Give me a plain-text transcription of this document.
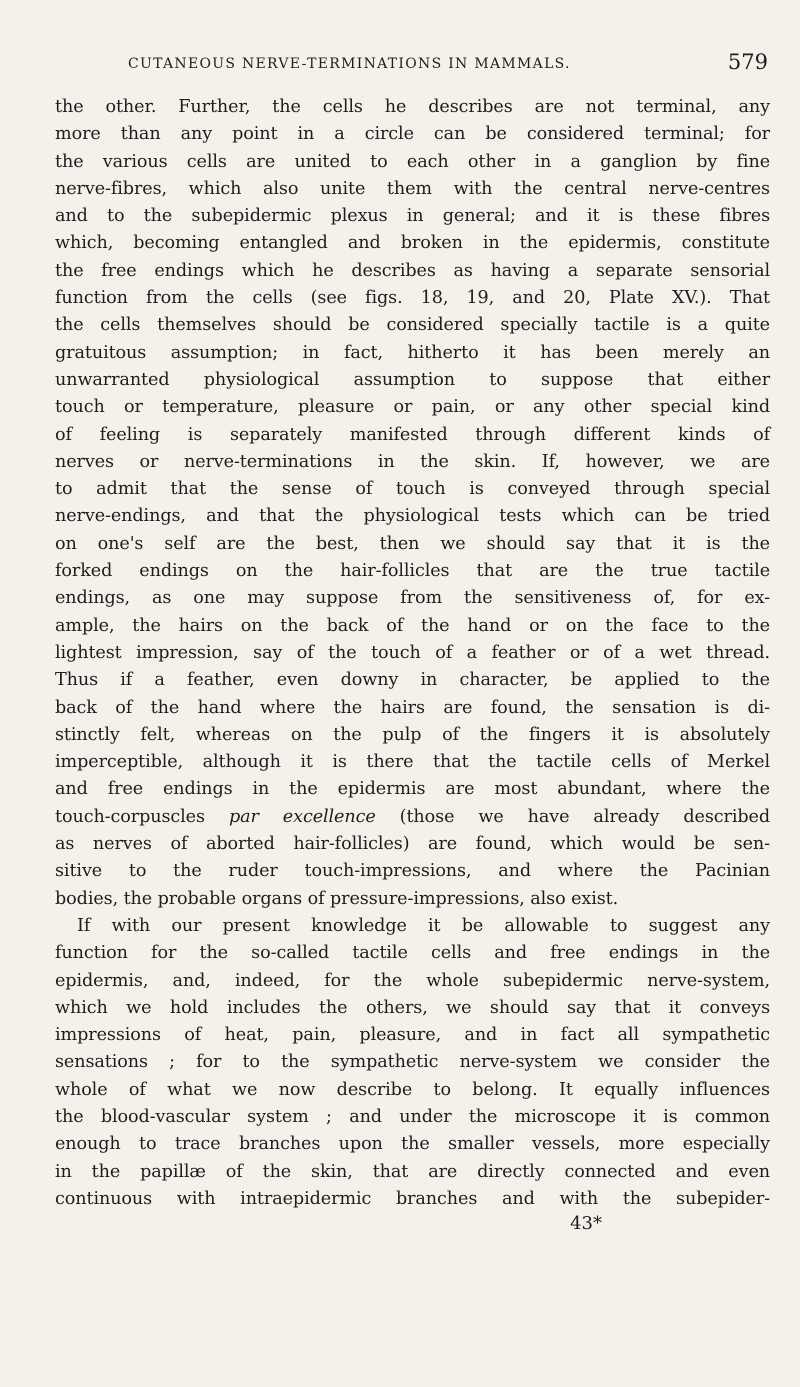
CUTANEOUS NERVE-TERMINATIONS IN MAMMALS.	579
the other. Further, the cells he describes are not terminal, any
more than any point in a circle can be considered terminal; for
the various cells are united to each other in a ganglion by fine
nerve-fibres, which also unite them with the central nerve-centres
and to the subepidermic plexus in general; and it is these fibres
which, becoming entangled and broken in the epidermis, constitute
the free endings which he describes as having a separate sensorial
function from the cells (see figs. 18, 19, and 20, Plate XV.). That
the cells themselves should be considered specially tactile is a quite
gratuitous assumption; in fact, hitherto it has been merely an
unwarranted physiological assumption to suppose that either
touch or temperature, pleasure or pain, or any other special kind
of feeling is separately manifested through different kinds of
nerves or nerve-terminations in the skin. If, however, we are
to admit that the sense of touch is conveyed through special
nerve-endings, and that the physiological tests which can be tried
on one's self are the best, then we should say that it is the
forked endings on the hair-follicles that are the true tactile
endings, as one may suppose from the sensitiveness of, for ex-
ample, the hairs on the back of the hand or on the face to the
lightest impression, say of the touch of a feather or of a wet thread.
Thus if a feather, even downy in character, be applied to the
back of the hand where the hairs are found, the sensation is di-
stinctly felt, whereas on the pulp of the fingers it is absolutely
imperceptible, although it is there that the tactile cells of Merkel
and free endings in the epidermis are most abundant, where the
touch-corpuscles par excellence (those we have already described
as nerves of aborted hair-follicles) are found, which would be sen-
sitive to the ruder touch-impressions, and where the Pacinian
bodies, the probable organs of pressure-impressions, also exist.
If with our present knowledge it be allowable to suggest any
function for the so-called tactile cells and free endings in the
epidermis, and, indeed, for the whole subepidermic nerve-system,
which we hold includes the others, we should say that it conveys
impressions of heat, pain, pleasure, and in fact all sympathetic
sensations ; for to the sympathetic nerve-system we consider the
whole of what we now describe to belong. It equally influences
the blood-vascular system ; and under the microscope it is common
enough to trace branches upon the smaller vessels, more especially
in the papillæ of the skin, that are directly connected and even
continuous with intraepidermic branches and with the subepider-
43*
